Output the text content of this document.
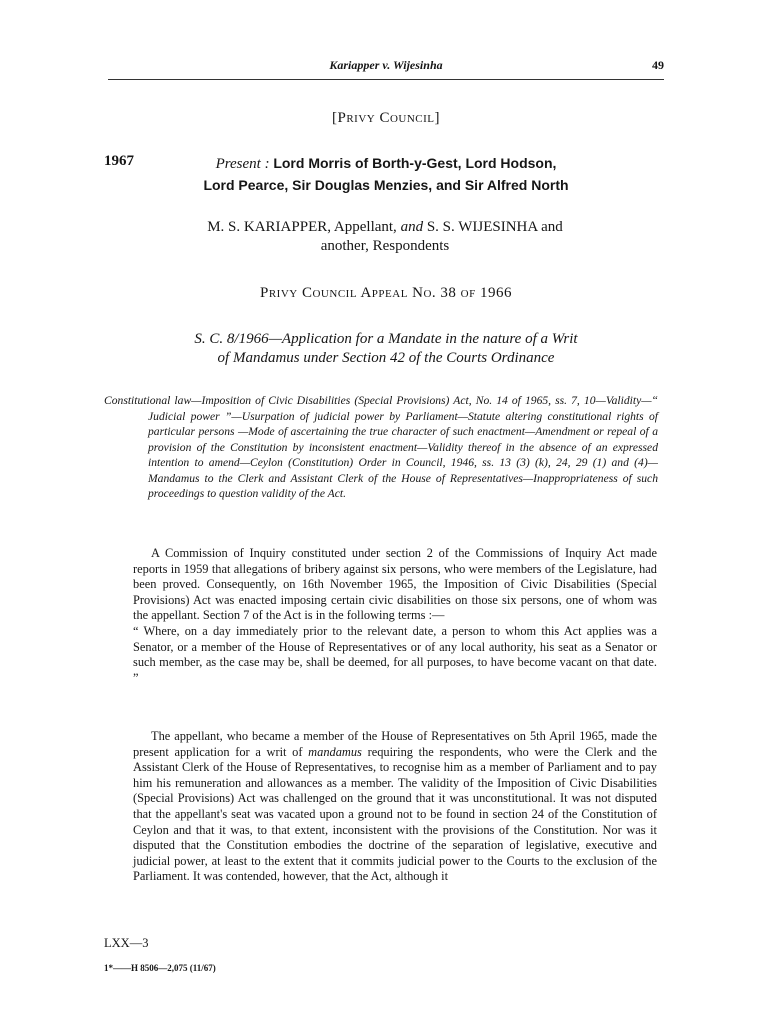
Kariapper v. Wijesinha	49
[Privy Council]
1967	Present : Lord Morris of Borth-y-Gest, Lord Hodson,
Lord Pearce, Sir Douglas Menzies, and Sir Alfred North
M. S. KARIAPPER, Appellant, and S. S. WIJESINHA and
another, Respondents
Privy Council Appeal No. 38 of 1966
S. C. 8/1966—Application for a Mandate in the nature of a Writ
of Mandamus under Section 42 of the Courts Ordinance
Constitutional law—Imposition of Civic Disabilities (Special Provisions) Act, No. 14 of 1965, ss. 7, 10—Validity—“ Judicial power ”—Usurpation of judicial power by Parliament—Statute altering constitutional rights of particular persons —Mode of ascertaining the true character of such enactment—Amendment or repeal of a provision of the Constitution by inconsistent enactment—Validity thereof in the absence of an expressed intention to amend—Ceylon (Constitution) Order in Council, 1946, ss. 13 (3) (k), 24, 29 (1) and (4)—Mandamus to the Clerk and Assistant Clerk of the House of Representatives—Inappropriateness of such proceedings to question validity of the Act.
A Commission of Inquiry constituted under section 2 of the Commissions of Inquiry Act made reports in 1959 that allegations of bribery against six persons, who were members of the Legislature, had been proved. Consequently, on 16th November 1965, the Imposition of Civic Disabilities (Special Provisions) Act was enacted imposing certain civic disabilities on those six persons, one of whom was the appellant. Section 7 of the Act is in the following terms :—
“ Where, on a day immediately prior to the relevant date, a person to whom this Act applies was a Senator, or a member of the House of Representatives or of any local authority, his seat as a Senator or such member, as the case may be, shall be deemed, for all purposes, to have become vacant on that date. ”
The appellant, who became a member of the House of Representatives on 5th April 1965, made the present application for a writ of mandamus requiring the respondents, who were the Clerk and the Assistant Clerk of the House of Representatives, to recognise him as a member of Parliament and to pay him his remuneration and allowances as a member. The validity of the Imposition of Civic Disabilities (Special Provisions) Act was challenged on the ground that it was unconstitutional. It was not disputed that the appellant's seat was vacated upon a ground not to be found in section 24 of the Constitution of Ceylon and that it was, to that extent, inconsistent with the provisions of the Constitution. Nor was it disputed that the Constitution embodies the doctrine of the separation of legislative, executive and judicial power, at least to the extent that it commits judicial power to the Courts to the exclusion of the Parliament. It was contended, however, that the Act, although it
LXX—3
1*——H 8506—2,075 (11/67)
